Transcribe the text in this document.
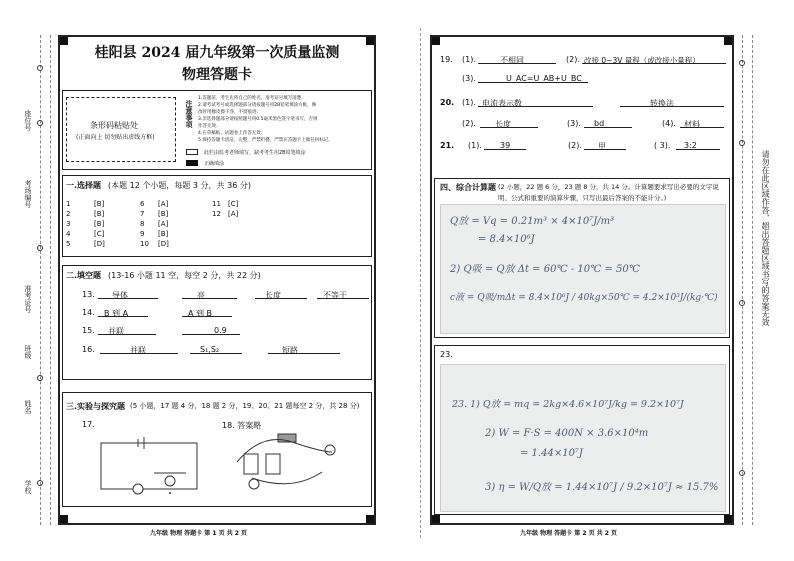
座位号
考场编号
准考证号
班级
姓名
学校
桂阳县 2024 届九年级第一次质量监测
物理答题卡
条形码粘贴处
(正面向上 切勿贴出虚线方框)
注意事项
1.答题前，考生先将自己的姓名、准考证号填写清楚，
2.请考试考号或选择题部分请按题号用2B铅笔填涂方框，修
改时用橡皮擦干净，不留痕迹；
3.非选择题部分请按照题号用0.5毫米黑色签字笔书写，否则
作答无效；
4.在草稿纸、试题卷上作答无效；
5.保持答题卡清洁，完整，严禁折叠，严禁在答题卡上做任何标记。
此栏由监考老师填写，缺考考生用2B铅笔填涂
正确填涂
一.选择题 (本题 12 个小题，每题 3 分，共 36 分)
1	[B]	6 [A]	11 [C]
2	[B]	7 [B]	12 [A]
3	[B]	8 [A]
4	[C]	9 [B]
5	[D]	10 [D]
二.填空题 (13-16 小题 11 空，每空 2 分，共 22 分)
13. 导体	亮	长度	不等于
14. B 到 A	A 到 B
15. 并联	0.9
16.	并联	S₁,S₂	短路
三.实验与探究题 (5 小题，17 题 4 分，18 题 2 分，19、20、21 题每空 2 分，共 28 分)
17.	18. 答案略
九年级 物理 答题卡 第 1 页 共 2 页
19. (1).	不相同	(2). 改接 0~3V 量程（或改接小量程）
(3).	U_AC=U_AB+U_BC
20. (1). 电流表示数	转换法
(2). 长度	(3). bd	(4). 材料
21. (1). 39	(2). 甲	( 3). 3:2
四、综合计算题 (2 小题，22 题 6 分，23 题 8 分，共 14 分。计算题要求写出必要的文字说明、公式和重要的演算步骤，只写出最后答案的不能计分。)
Q放 = Vq = 0.21m³ × 4×10⁷J/m³
= 8.4×10⁶J
2) Q吸 = Q放 Δt = 60℃ - 10℃ = 50℃
c液 = Q吸/mΔt = 8.4×10⁶J / 40kg×50℃ = 4.2×10³J/(kg·℃)
23.
23. 1) Q放 = mq = 2kg×4.6×10⁷J/kg = 9.2×10⁷J
2) W = F·S = 400N × 3.6×10⁴m
= 1.44×10⁷J
3) η = W/Q放 = 1.44×10⁷J / 9.2×10⁷J ≈ 15.7%
九年级 物理 答题卡 第 2 页 共 2 页
请勿在此区域作答，超出答题区域书写的答案无效
